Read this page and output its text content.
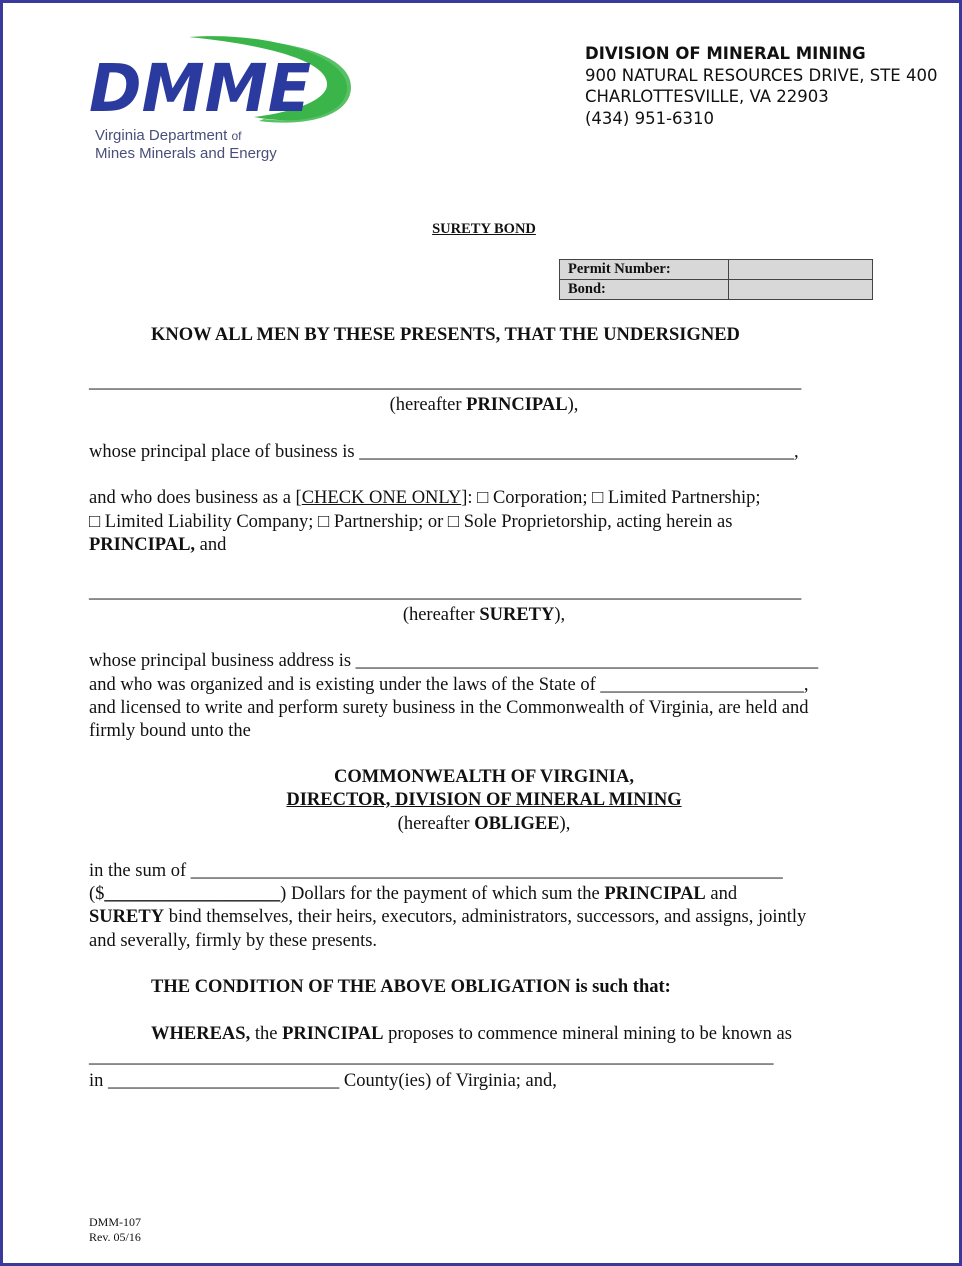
DMME
Virginia Department of
Mines Minerals and Energy
DIVISION OF MINERAL MINING
900 NATURAL RESOURCES DRIVE, STE 400
CHARLOTTESVILLE, VA 22903
(434) 951-6310
SURETY BOND
Permit Number:	
Bond:	
KNOW ALL MEN BY THESE PRESENTS, THAT THE UNDERSIGNED
_____________________________________________________________________________
(hereafter PRINCIPAL),
whose principal place of business is _______________________________________________,
and who does business as a [CHECK ONE ONLY]: □ Corporation; □ Limited Partnership;
□ Limited Liability Company; □ Partnership; or □ Sole Proprietorship, acting herein as
PRINCIPAL, and
_____________________________________________________________________________
(hereafter SURETY),
whose principal business address is __________________________________________________
and who was organized and is existing under the laws of the State of ______________________,
and licensed to write and perform surety business in the Commonwealth of Virginia, are held and
firmly bound unto the
COMMONWEALTH OF VIRGINIA,
DIRECTOR, DIVISION OF MINERAL MINING
(hereafter OBLIGEE),
in the sum of ________________________________________________________________
($___________________) Dollars for the payment of which sum the PRINCIPAL and
SURETY bind themselves, their heirs, executors, administrators, successors, and assigns, jointly
and severally, firmly by these presents.
THE CONDITION OF THE ABOVE OBLIGATION is such that:
WHEREAS, the PRINCIPAL proposes to commence mineral mining to be known as
__________________________________________________________________________
in _________________________ County(ies) of Virginia; and,
DMM-107
Rev. 05/16
